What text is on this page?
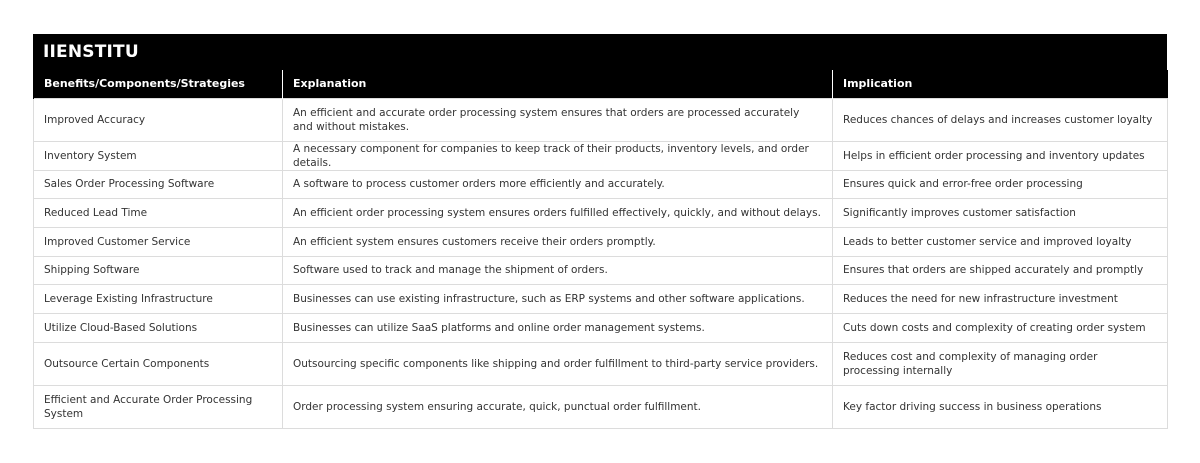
IIENSTITU
Benefits/Components/Strategies	Explanation	Implication
Improved Accuracy	An efficient and accurate order processing system ensures that orders are processed accurately and without mistakes.	Reduces chances of delays and increases customer loyalty
Inventory System	A necessary component for companies to keep track of their products, inventory levels, and order details.	Helps in efficient order processing and inventory updates
Sales Order Processing Software	A software to process customer orders more efficiently and accurately.	Ensures quick and error-free order processing
Reduced Lead Time	An efficient order processing system ensures orders fulfilled effectively, quickly, and without delays.	Significantly improves customer satisfaction
Improved Customer Service	An efficient system ensures customers receive their orders promptly.	Leads to better customer service and improved loyalty
Shipping Software	Software used to track and manage the shipment of orders.	Ensures that orders are shipped accurately and promptly
Leverage Existing Infrastructure	Businesses can use existing infrastructure, such as ERP systems and other software applications.	Reduces the need for new infrastructure investment
Utilize Cloud-Based Solutions	Businesses can utilize SaaS platforms and online order management systems.	Cuts down costs and complexity of creating order system
Outsource Certain Components	Outsourcing specific components like shipping and order fulfillment to third-party service providers.	Reduces cost and complexity of managing order processing internally
Efficient and Accurate Order Processing System	Order processing system ensuring accurate, quick, punctual order fulfillment.	Key factor driving success in business operations
